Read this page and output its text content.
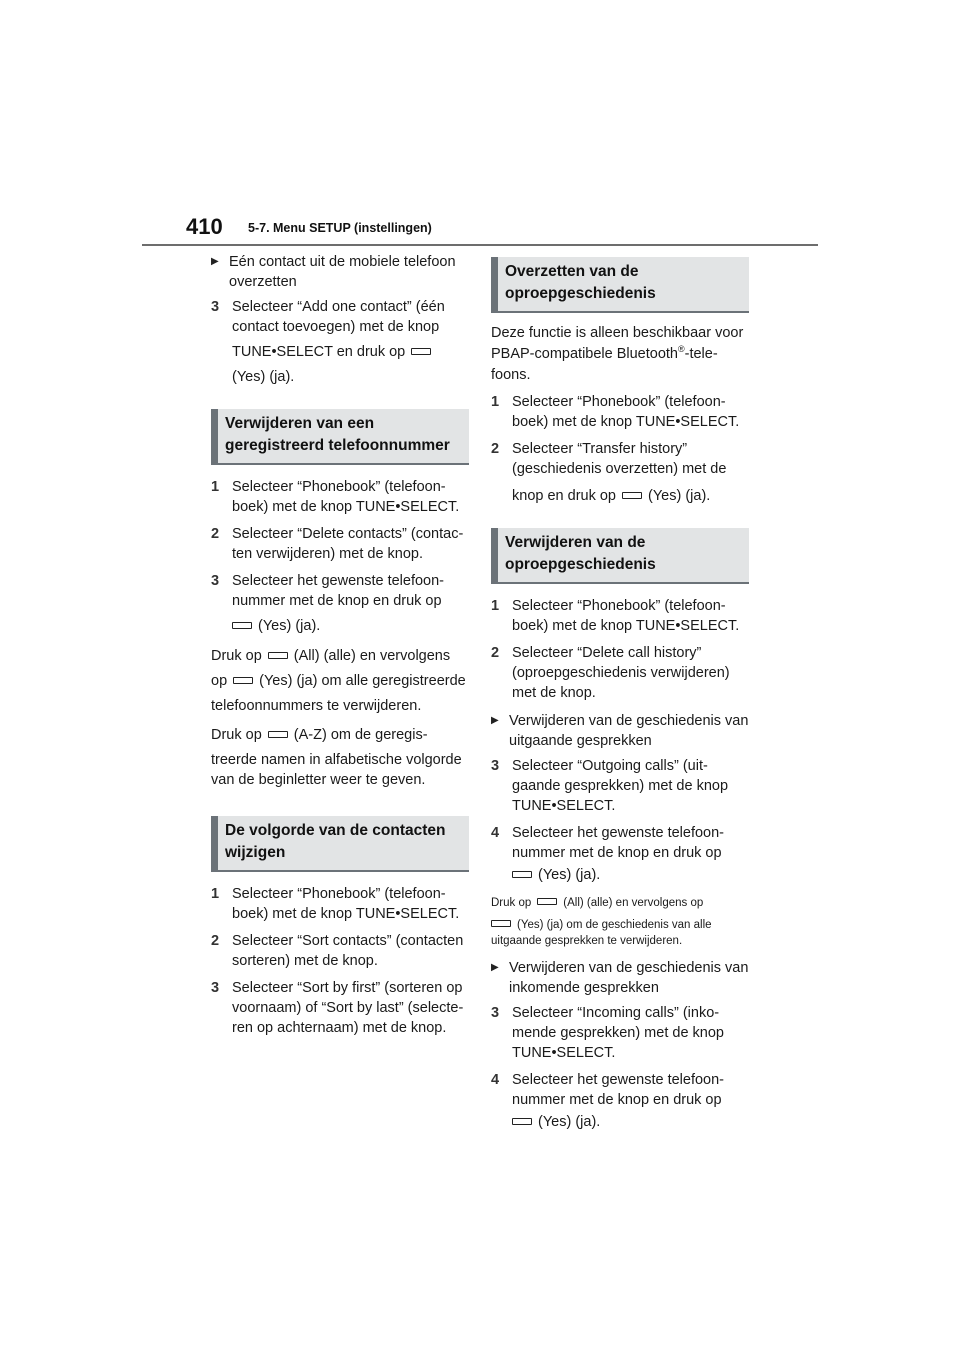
410 5-7. Menu SETUP (instellingen)

▶ Eén contact uit de mobiele telefoon overzetten

3 Selecteer “Add one contact” (één contact toevoegen) met de knop

TUNE•SELECT en druk op

(Yes) (ja).

Verwijderen van een geregistreerd telefoonnummer

1 Selecteer “Phonebook” (telefoon-boek) met de knop TUNE•SELECT.

2 Selecteer “Delete contacts” (contac-ten verwijderen) met de knop.

3 Selecteer het gewenste telefoon-nummer met de knop en druk op

(Yes) (ja).

Druk op (All) (alle) en vervolgens

op (Yes) (ja) om alle geregistreerde

telefoonnummers te verwijderen.

Druk op (A-Z) om de geregis-

treerde namen in alfabetische volgorde van de beginletter weer te geven.

De volgorde van de contacten wijzigen

1 Selecteer “Phonebook” (telefoon-boek) met de knop TUNE•SELECT.

2 Selecteer “Sort contacts” (contacten sorteren) met de knop.

3 Selecteer “Sort by first” (sorteren op voornaam) of “Sort by last” (selecte-ren op achternaam) met de knop.

Overzetten van de oproepgeschiedenis

Deze functie is alleen beschikbaar voor PBAP-compatibele Bluetooth®-tele-foons.

1 Selecteer “Phonebook” (telefoon-boek) met de knop TUNE•SELECT.

2 Selecteer “Transfer history” (geschiedenis overzetten) met de

knop en druk op (Yes) (ja).

Verwijderen van de oproepgeschiedenis

1 Selecteer “Phonebook” (telefoon-boek) met de knop TUNE•SELECT.

2 Selecteer “Delete call history” (oproepgeschiedenis verwijderen) met de knop.

▶ Verwijderen van de geschiedenis van uitgaande gesprekken

3 Selecteer “Outgoing calls” (uit-gaande gesprekken) met de knop TUNE•SELECT.

4 Selecteer het gewenste telefoon-nummer met de knop en druk op

(Yes) (ja).

Druk op	(All) (alle) en vervolgens op

(Yes) (ja) om de geschiedenis van alle uitgaande gesprekken te verwijderen.

▶ Verwijderen van de geschiedenis van inkomende gesprekken

3 Selecteer “Incoming calls” (inko-mende gesprekken) met de knop TUNE•SELECT.

4 Selecteer het gewenste telefoon-nummer met de knop en druk op

(Yes) (ja).
